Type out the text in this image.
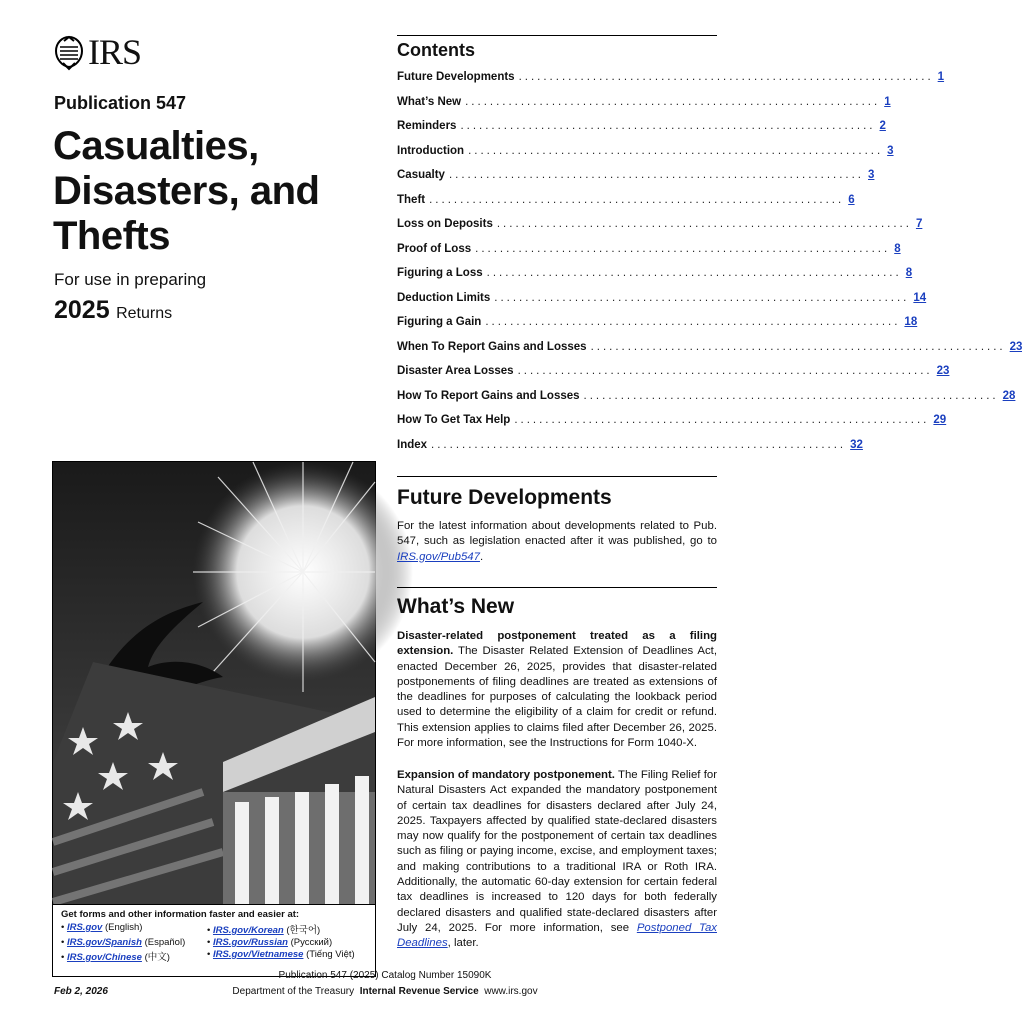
IRS
Publication 547
Casualties,
Disasters, and
Thefts
For use in preparing
2025 Returns
Get forms and other information faster and easier at:
• IRS.gov (English)	• IRS.gov/Korean (한국어)
• IRS.gov/Spanish (Español)	• IRS.gov/Russian (Русский)
• IRS.gov/Chinese (中文)	• IRS.gov/Vietnamese (Tiếng Việt)
Contents
Future Developments ................................................................... 1
What’s New ................................................................... 1
Reminders ................................................................... 2
Introduction ................................................................... 3
Casualty ................................................................... 3
Theft ................................................................... 6
Loss on Deposits ................................................................... 7
Proof of Loss ................................................................... 8
Figuring a Loss ................................................................... 8
Deduction Limits ................................................................... 14
Figuring a Gain ................................................................... 18
When To Report Gains and Losses ................................................................... 23
Disaster Area Losses ................................................................... 23
How To Report Gains and Losses ................................................................... 28
How To Get Tax Help ................................................................... 29
Index ................................................................... 32
Future Developments
For the latest information about developments related to Pub. 547, such as legislation enacted after it was published, go to IRS.gov/Pub547.
What’s New
Disaster-related postponement treated as a filing extension. The Disaster Related Extension of Deadlines Act, enacted December 26, 2025, provides that disaster-related postponements of filing deadlines are treated as extensions of the deadlines for purposes of calculating the lookback period used to determine the eligibility of a claim for credit or refund. This extension applies to claims filed after December 26, 2025. For more information, see the Instructions for Form 1040-X.
Expansion of mandatory postponement. The Filing Relief for Natural Disasters Act expanded the mandatory postponement of certain tax deadlines for disasters declared after July 24, 2025. Taxpayers affected by qualified state-declared disasters may now qualify for the postponement of certain tax deadlines such as filing or paying income, excise, and employment taxes; and making contributions to a traditional IRA or Roth IRA. Additionally, the automatic 60-day extension for certain federal tax deadlines is increased to 120 days for both federally declared disasters and qualified state-declared disasters after July 24, 2025. For more information, see Postponed Tax Deadlines, later.
Publication 547 (2025) Catalog Number 15090K
Feb 2, 2026	Department of the Treasury Internal Revenue Service www.irs.gov
